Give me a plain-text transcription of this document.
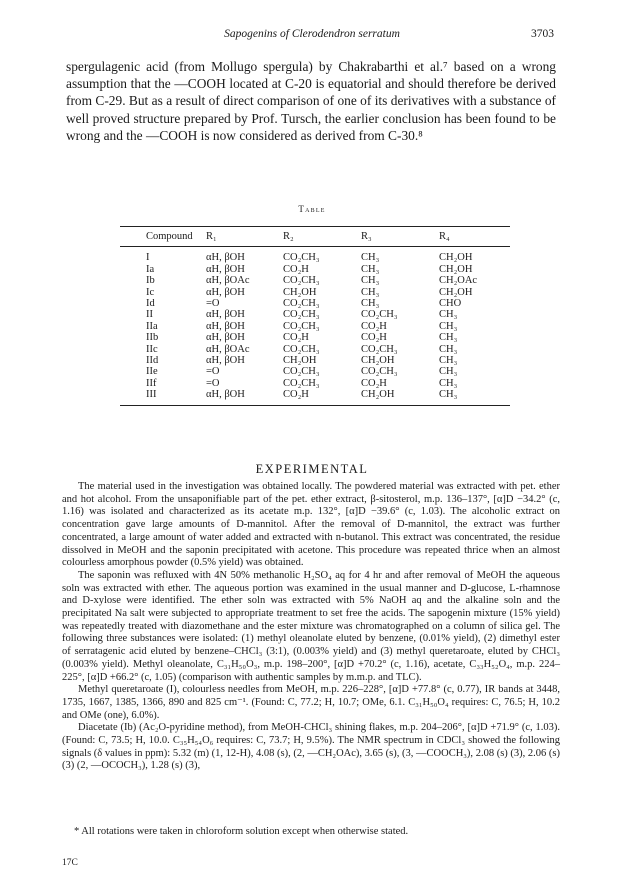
Sapogenins of Clerodendron serratum	3703

spergulagenic acid (from Mollugo spergula) by Chakrabarthi et al.⁷ based on a wrong assumption that the —COOH located at C-20 is equatorial and should therefore be derived from C-29. But as a result of direct comparison of one of its derivatives with a substance of well proved structure prepared by Prof. Tursch, the earlier conclusion has been found to be wrong and the —COOH is now considered as derived from C-30.⁸

Table
Compound	R₁	R₂	R₃	R₄
I	αH, βOH	CO₂CH₃	CH₃	CH₂OH
Ia	αH, βOH	CO₂H	CH₃	CH₂OH
Ib	αH, βOAc	CO₂CH₃	CH₃	CH₂OAc
Ic	αH, βOH	CH₂OH	CH₃	CH₂OH
Id	=O	CO₂CH₃	CH₃	CHO
II	αH, βOH	CO₂CH₃	CO₂CH₃	CH₃
IIa	αH, βOH	CO₂CH₃	CO₂H	CH₃
IIb	αH, βOH	CO₂H	CO₂H	CH₃
IIc	αH, βOAc	CO₂CH₃	CO₂CH₃	CH₃
IId	αH, βOH	CH₂OH	CH₂OH	CH₃
IIe	=O	CO₂CH₃	CO₂CH₃	CH₃
IIf	=O	CO₂CH₃	CO₂H	CH₃
III	αH, βOH	CO₂H	CH₂OH	CH₃
EXPERIMENTAL

The material used in the investigation was obtained locally. The powdered material was extracted with pet. ether and hot alcohol. From the unsaponifiable part of the pet. ether extract, β-sitosterol, m.p. 136–137°, [α]D −34.2° (c, 1.16) was isolated and characterized as its acetate m.p. 132°, [α]D −39.6° (c, 1.03). The alcoholic extract on concentration gave large amounts of D-mannitol. After the removal of D-mannitol, the extract was further concentrated, a large amount of water added and extracted with n-butanol. This extract was concentrated, the residue dissolved in MeOH and the saponin precipitated with acetone. This procedure was repeated thrice when an almost colourless amorphous powder (0.5% yield) was obtained.

The saponin was refluxed with 4N 50% methanolic H₂SO₄ aq for 4 hr and after removal of MeOH the aqueous soln was extracted with ether. The aqueous portion was examined in the usual manner and D-glucose, L-rhamnose and D-xylose were identified. The ether soln was extracted with 5% NaOH aq and the alkaline soln and the precipitated Na salt were subjected to appropriate treatment to set free the acids. The sapogenin mixture (15% yield) was repeatedly treated with diazomethane and the ester mixture was chromatographed on a column of silica gel. The following three substances were isolated: (1) methyl oleanolate eluted by benzene, (0.01% yield), (2) dimethyl ester of serratagenic acid eluted by benzene–CHCl₃ (3:1), (0.003% yield) and (3) methyl queretaroate, eluted by CHCl₃ (0.003% yield). Methyl oleanolate, C₃₁H₅₀O₃, m.p. 198–200°, [α]D +70.2° (c, 1.16), acetate, C₃₃H₅₂O₄, m.p. 224–225°, [α]D +66.2° (c, 1.05) (comparison with authentic samples by m.m.p. and TLC).

Methyl queretaroate (I), colourless needles from MeOH, m.p. 226–228°, [α]D +77.8° (c, 0.77), IR bands at 3448, 1735, 1667, 1385, 1366, 890 and 825 cm⁻¹. (Found: C, 77.2; H, 10.7; OMe, 6.1. C₃₁H₅₀O₄ requires: C, 76.5; H, 10.2 and OMe (one), 6.0%).

Diacetate (Ib) (Ac₂O-pyridine method), from MeOH-CHCl₃ shining flakes, m.p. 204–206°, [α]D +71.9° (c, 1.03). (Found: C, 73.5; H, 10.0. C₃₅H₅₄O₆ requires: C, 73.7; H, 9.5%). The NMR spectrum in CDCl₃ showed the following signals (δ values in ppm): 5.32 (m) (1, 12-H), 4.08 (s), (2, —CH₂OAc), 3.65 (s), (3, —COOCH₃), 2.08 (s) (3), 2.06 (s) (3) (2, —OCOCH₃), 1.28 (s) (3),

* All rotations were taken in chloroform solution except when otherwise stated.

17C
